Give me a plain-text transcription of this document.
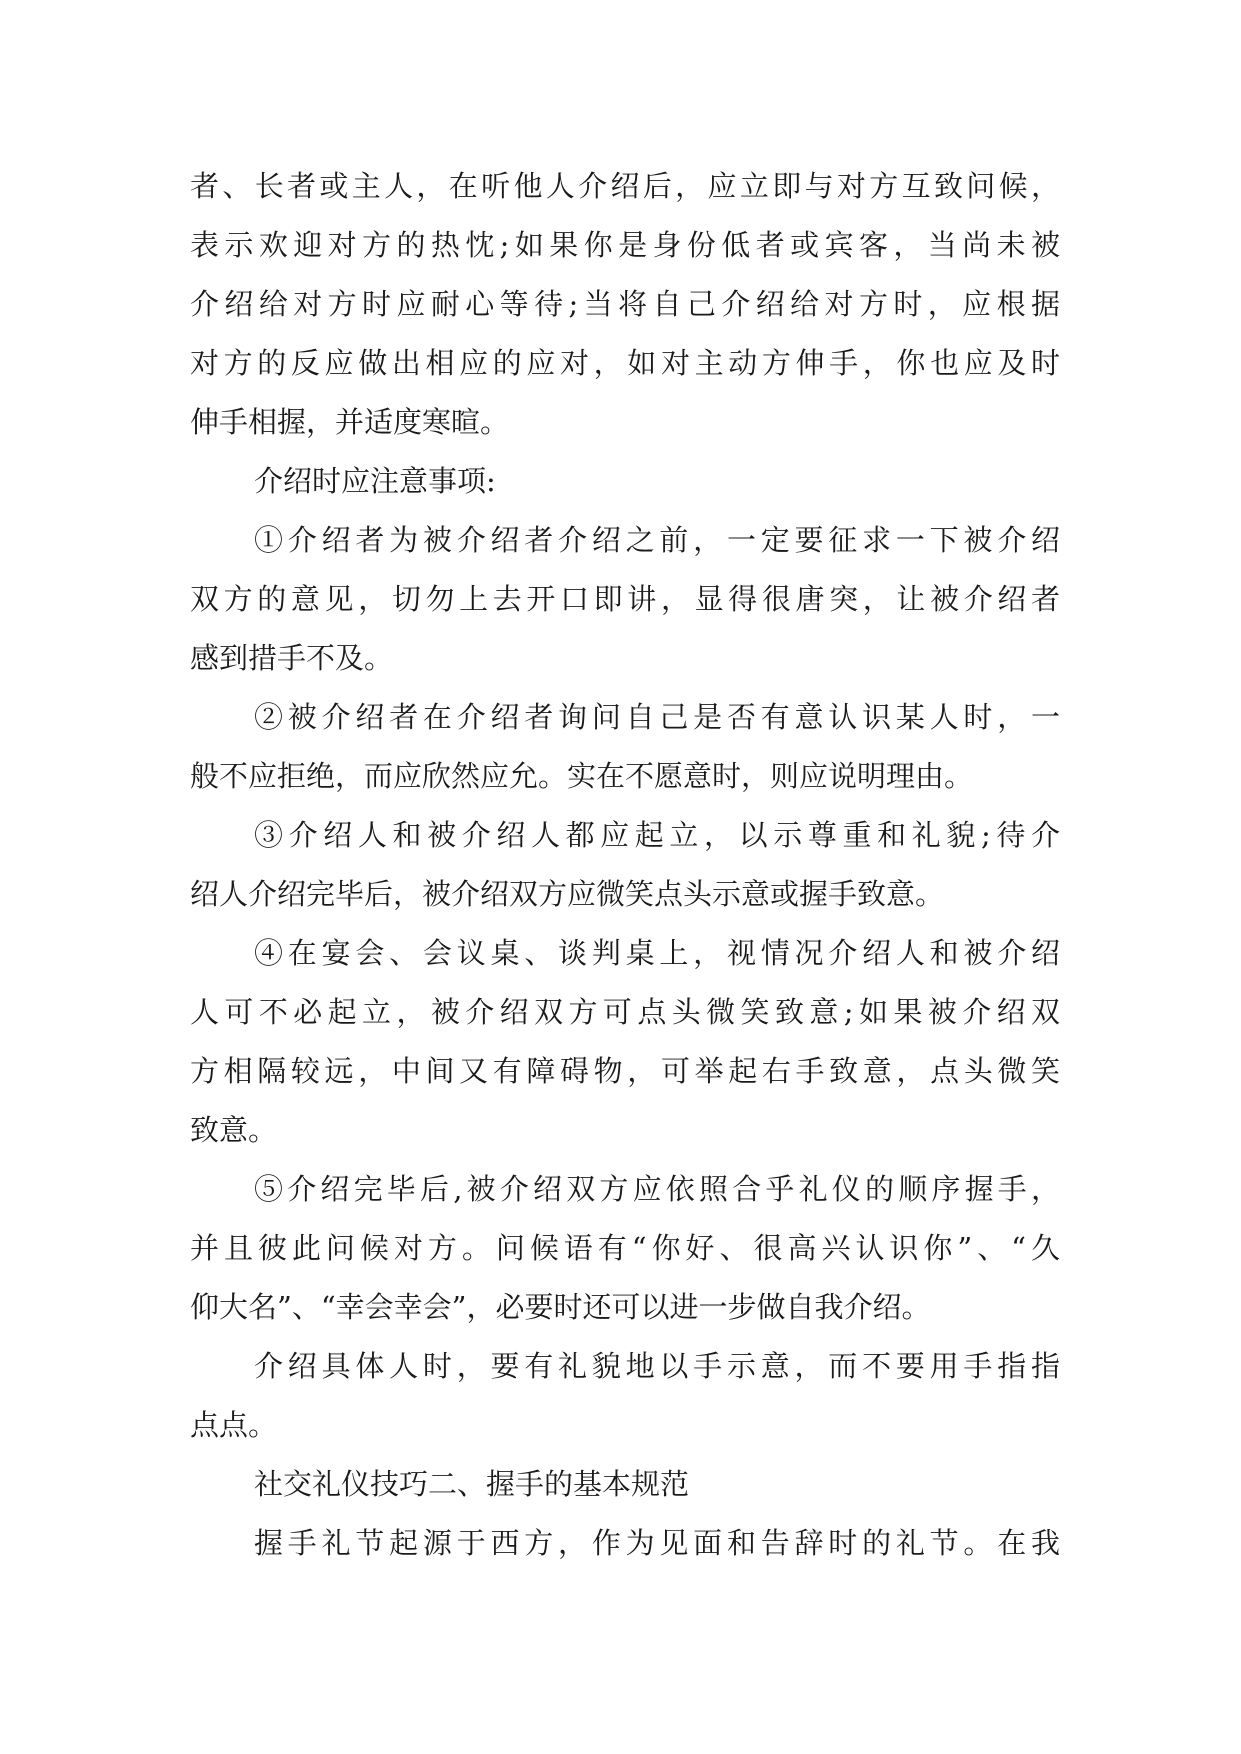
者、长者或主人，在听他人介绍后，应立即与对方互致问候，
表示欢迎对方的热忱;如果你是身份低者或宾客，当尚未被
介绍给对方时应耐心等待;当将自己介绍给对方时，应根据
对方的反应做出相应的应对，如对主动方伸手，你也应及时
伸手相握，并适度寒暄。
介绍时应注意事项:
①介绍者为被介绍者介绍之前，一定要征求一下被介绍
双方的意见，切勿上去开口即讲，显得很唐突，让被介绍者
感到措手不及。
②被介绍者在介绍者询问自己是否有意认识某人时，一
般不应拒绝，而应欣然应允。实在不愿意时，则应说明理由。
③介绍人和被介绍人都应起立，以示尊重和礼貌;待介
绍人介绍完毕后，被介绍双方应微笑点头示意或握手致意。
④在宴会、会议桌、谈判桌上，视情况介绍人和被介绍
人可不必起立，被介绍双方可点头微笑致意;如果被介绍双
方相隔较远，中间又有障碍物，可举起右手致意，点头微笑
致意。
⑤介绍完毕后,被介绍双方应依照合乎礼仪的顺序握手，
并且彼此问候对方。问候语有“你好、很高兴认识你”、“久
仰大名”、“幸会幸会”，必要时还可以进一步做自我介绍。
介绍具体人时，要有礼貌地以手示意，而不要用手指指
点点。
社交礼仪技巧二、握手的基本规范
握手礼节起源于西方，作为见面和告辞时的礼节。在我
